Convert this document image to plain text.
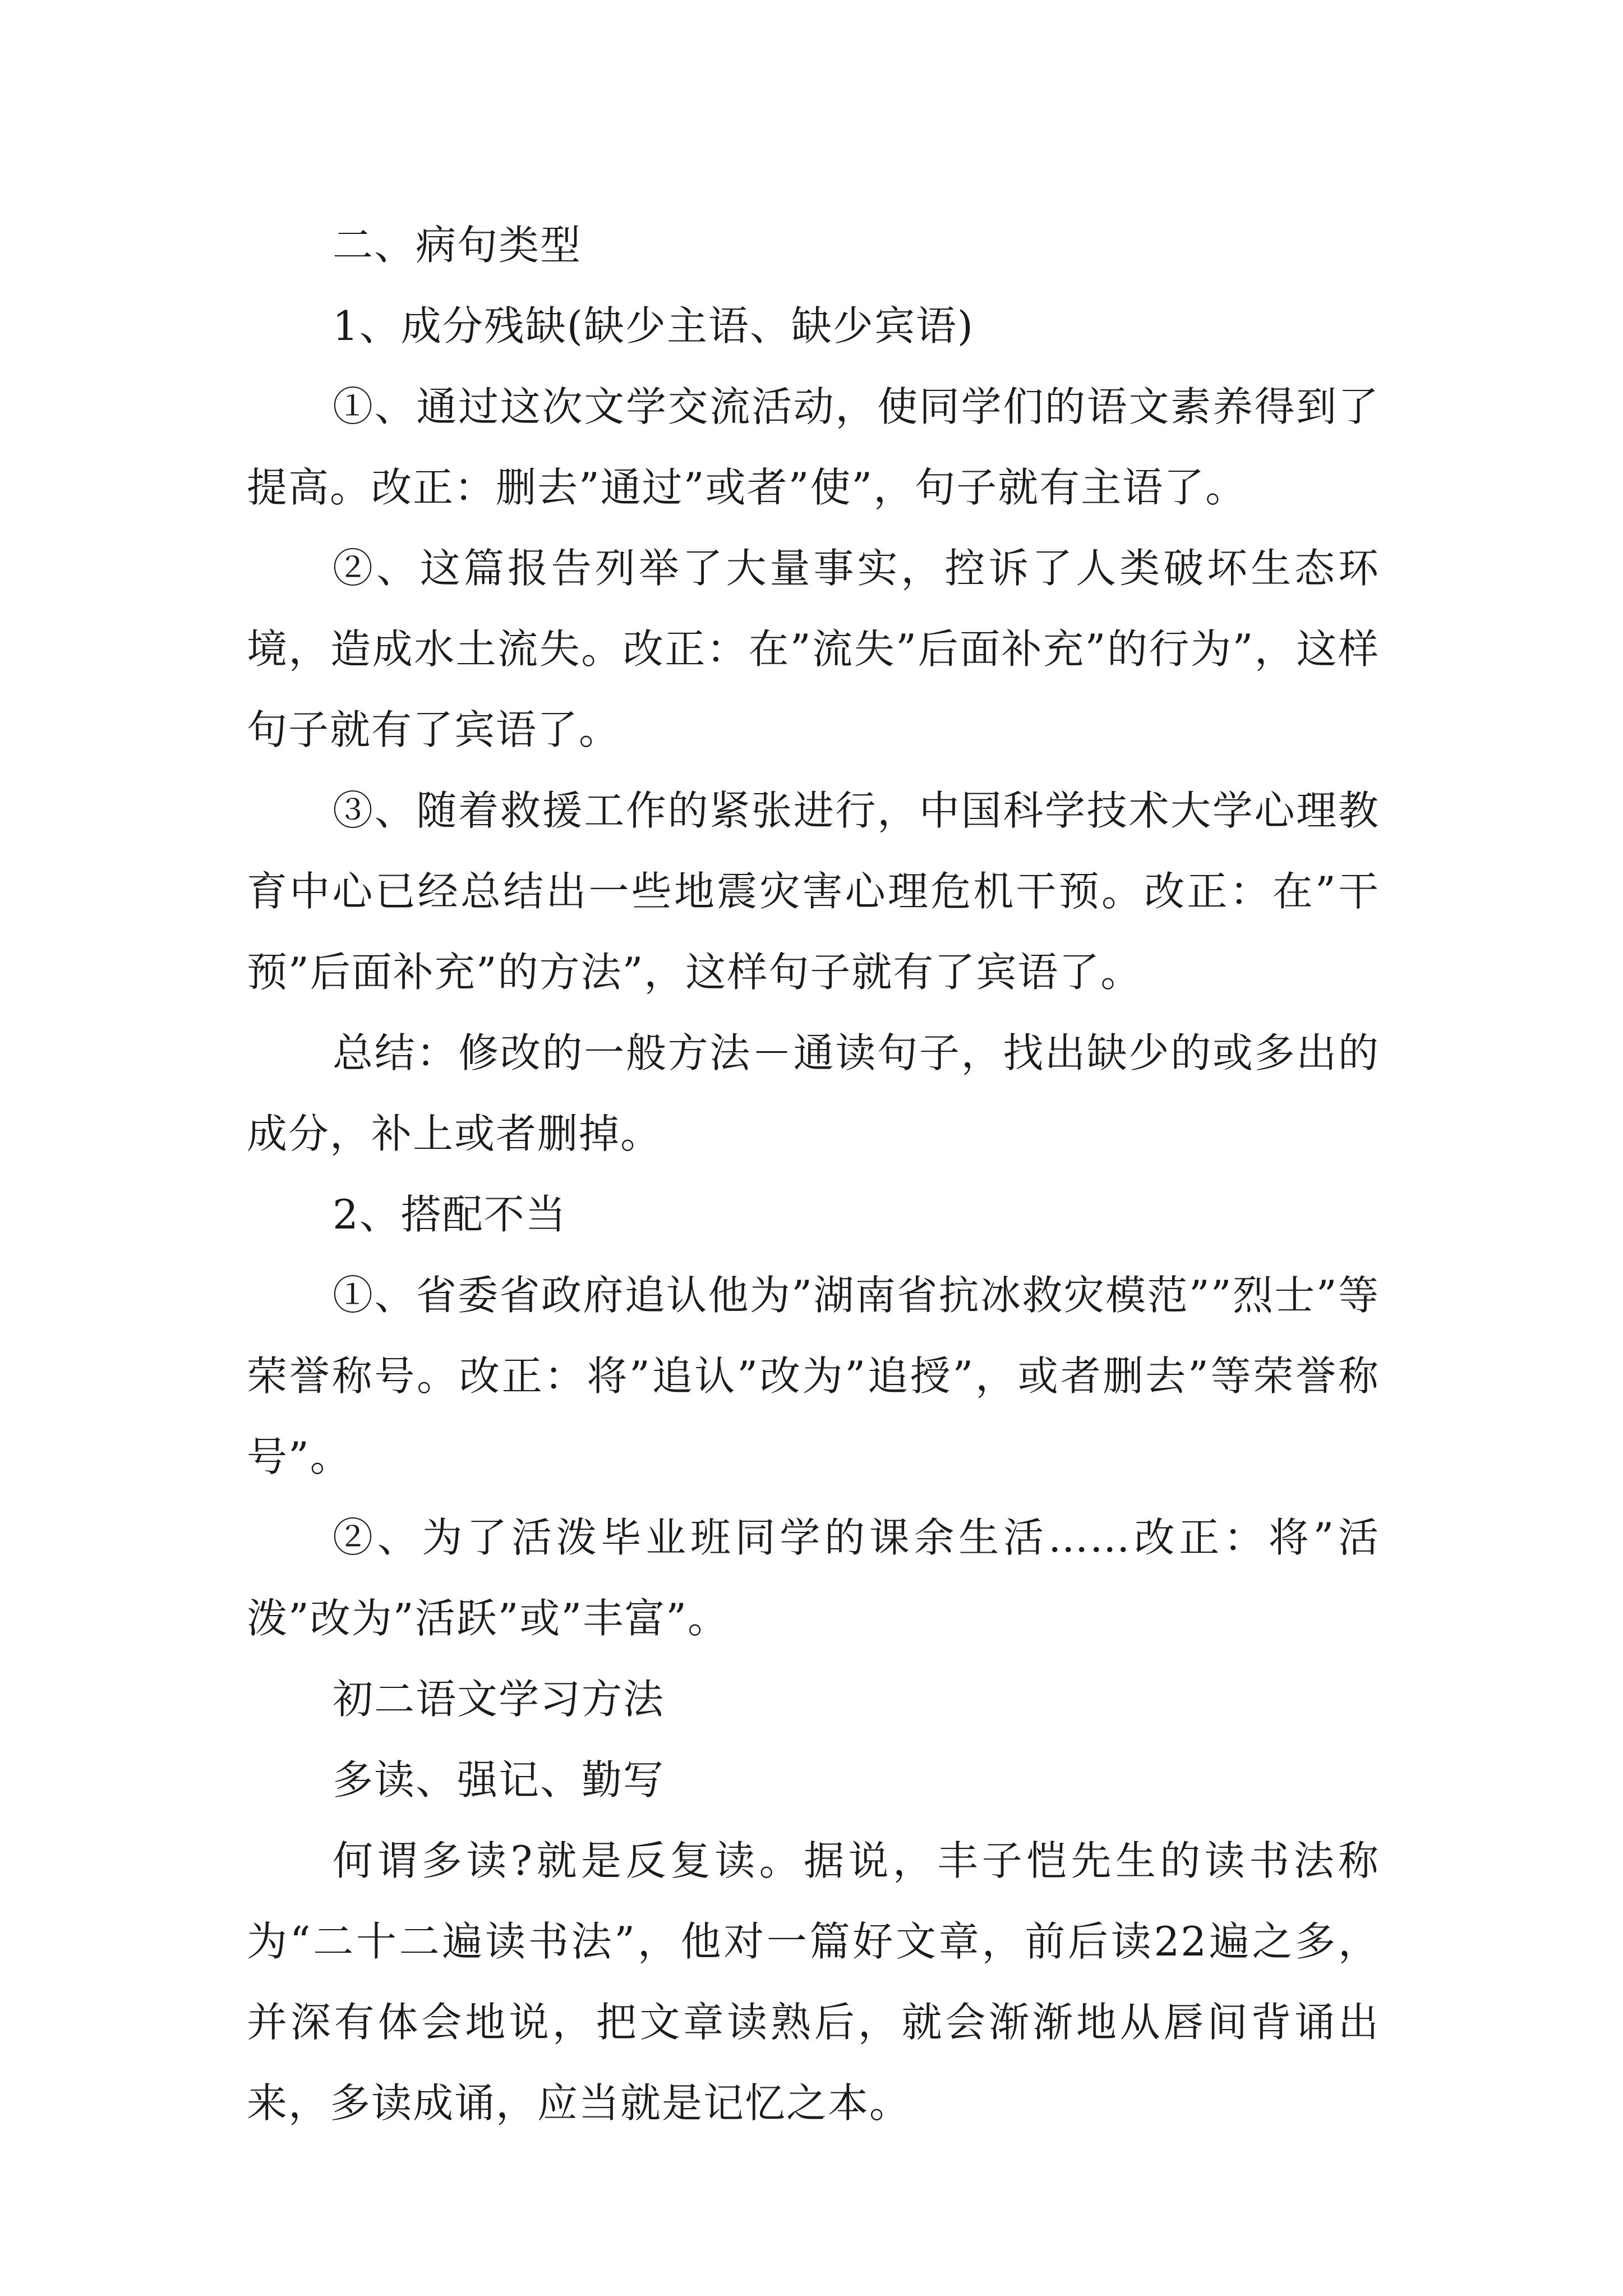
二、病句类型

1、成分残缺(缺少主语、缺少宾语)

①、通过这次文学交流活动，使同学们的语文素养得到了提高。改正：删去”通过”或者”使”，句子就有主语了。

②、这篇报告列举了大量事实，控诉了人类破坏生态环境，造成水土流失。改正：在”流失”后面补充”的行为”，这样句子就有了宾语了。

③、随着救援工作的紧张进行，中国科学技术大学心理教育中心已经总结出一些地震灾害心理危机干预。改正：在”干预”后面补充”的方法”，这样句子就有了宾语了。

总结：修改的一般方法－通读句子，找出缺少的或多出的成分，补上或者删掉。

2、搭配不当

①、省委省政府追认他为”湖南省抗冰救灾模范””烈士”等荣誉称号。改正：将”追认”改为”追授”，或者删去”等荣誉称号”。

②、为了活泼毕业班同学的课余生活……改正：将”活泼”改为”活跃”或”丰富”。

初二语文学习方法

多读、强记、勤写

何谓多读?就是反复读。据说，丰子恺先生的读书法称为“二十二遍读书法”，他对一篇好文章，前后读22遍之多，并深有体会地说，把文章读熟后，就会渐渐地从唇间背诵出来，多读成诵，应当就是记忆之本。
